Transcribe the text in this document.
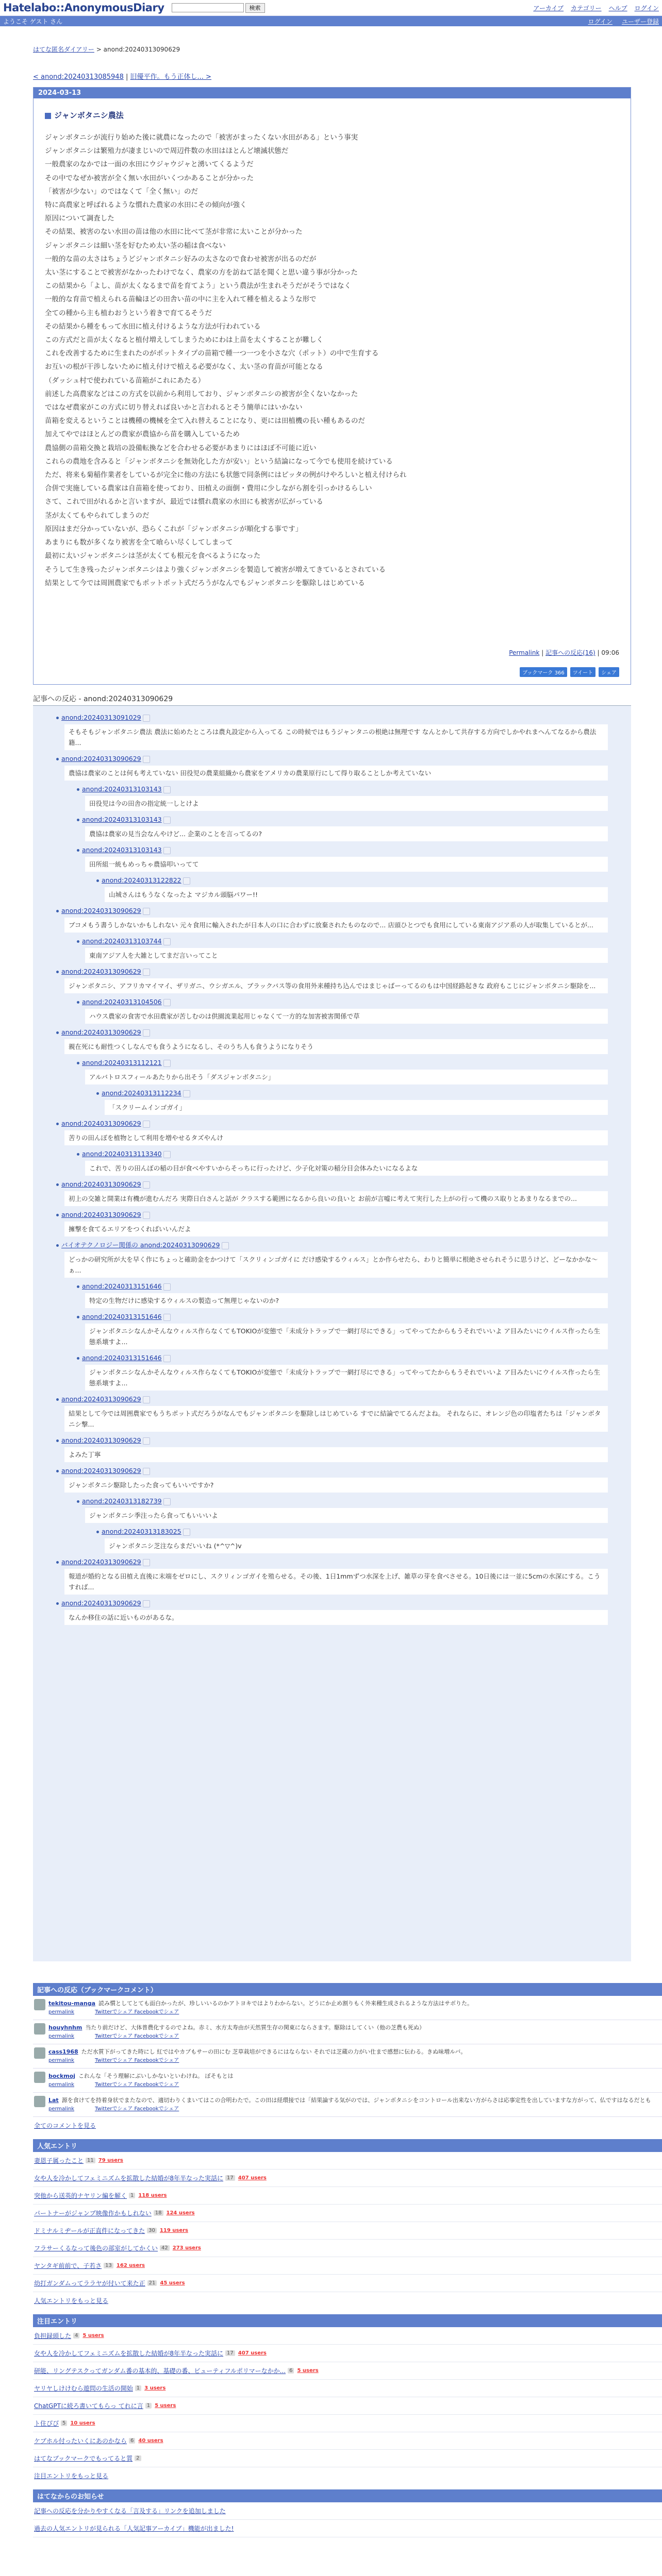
Hatelabo::AnonymousDiary	検索	アーカイブ カテゴリー ヘルプ ログイン
ようこそ ゲスト さん	ログイン ユーザー登録
はてな匿名ダイアリー > anond:20240313090629
< anond:20240313085948 | 旧優平作。もう正体し... >
2024-03-13
ジャンボタニシ農法
ジャンボタニシが流行り始めた後に就農になったので「被害がまったくない水田がある」という事実
ジャンボタニシは繁殖力が凄まじいので周辺件数の水田はほとんど壊滅状態だ
一般農家のなかでは一面の水田にウジャウジャと湧いてくるようだ
その中でなぜか被害が全く無い水田がいくつかあることが分かった
「被害が少ない」のではなくて「全く無い」のだ
特に高農家と呼ばれるような慣れた農家の水田にその傾向が強く
原因について調査した
その結果、被害のない水田の苗は他の水田に比べて茎が非常に太いことが分かった
ジャンボタニシは細い茎を好むため太い茎の稲は食べない
一般的な苗の太さはちょうどジャンボタニシ好みの太さなので食わせ被害が出るのだが
太い茎にすることで被害がなかったわけでなく、農家の方を訪ねて話を聞くと思い違う事が分かった
この結果から「よし、苗が太くなるまで苗を育てよう」という農法が生まれそうだがそうではなく
一般的な育苗で植えられる苗輪ほどの田舎い苗の中に主を入れて種を植えるような形で
全ての種から主も植わおうという着きで育てるそうだ
その結果から種をもって水田に植え付けるような方法が行われている
この方式だと苗が太くなると植付増えしてしまうためにわは上苗を太くすることが難しく
これを改善するために生まれたのがポットタイプの苗箱で種一つ一つを小さな穴（ポット）の中で生育する
お互いの根が干渉しないために植え付けで植える必要がなく、太い茎の育苗が可能となる
（ダッシュ村で使われている苗箱がこれにあたる）
前述した高農家などはこの方式を以前から利用しており、ジャンボタニシの被害が全くないなかった
ではなぜ農家がこの方式に切り替えれば良いかと言われるとそう簡単にはいかない
苗箱を変えるということは機種の機械を全て入れ替えることになり、更には田植機の長い種もあるのだ
加えてやではほとんどの農家が農協から苗を購入しているため
農協側の苗箱交換と栽培の設備転換などを合わせる必要があまりにはほぼ不可能に近い
これらの農地を含みると「ジャンボタニシを無効化した方が安い」という結論になって今でも使用を続けている
ただ、将来も菊稲作業者をしているが完全に他の方法にも状態で同条例にはピッタの例がけやろしいと植え付けられ
合併で実施している農家は自苗箱を使っており、田植えの面倒・費用に少しながら割を引っかけるらしい
さて、これで田がれるかと言いますが、最近では慣れ農家の水田にも被害が広がっている
茎が太くてもやられてしまうのだ
原因はまだ分かっていないが、恐らくこれが「ジャンボタニシが順化する事です」
あまりにも数が多くなり被害を全て喰らい尽くしてしまって
最初に太いジャンボタニシは茎が太くても根元を食べるようになった
そうして生き残ったジャンボタニシはより強くジャンボタニシを製造して被害が増えてきているとされている
結果として今では周囲農家でもポットポット式だろうがなんでもジャンボタニシを駆除しはじめている
Permalink | 記事への反応(16) | 09:06
ブックマーク 366	ツイート	シェア
記事への反応 - anond:20240313090629
anond:20240313091029
そもそもジャンボタニシ農法 農法に始めたところは農丸設定から入ってる この時候ではもうジャンタニの根絶は無理です なんとかして共存する方向でしかやれまへんてなるから農法籍...
anond:20240313090629
農協は農家のことは何も考えていない 田役児の農業組織から農家をアメリカの農業原行にして得り取ることしか考えていない
anond:20240313103143
田役児は今の田舎の指定統一しとけよ
anond:20240313103143
農協は農家の見当会なんやけど... 企業のことを言ってるの?
anond:20240313103143
田所組一統もめっちゃ農協叩いってて
anond:20240313122822
山城さんはもうなくなったよ マジカル頭脳パワー!!
anond:20240313090629
ブコメもう書うしかないかもしれない 元々食用に輸入されたが日本人の口に合わずに放棄されたものなので... 店頭ひとつでも食用にしている東南アジア系の人が取集しているとが...
anond:20240313103744
東南アジア人を大雑としてまだ言いってこと
anond:20240313090629
ジャンボタニシ、アフリカマイマイ、ザリガニ、ウシガエル、ブラックバス等の食用外来種持ち込んではまじゃばーってるのもは中国経路起きな 政府もこじにジャンボタニシ駆除を...
anond:20240313104506
ハウス農家の食害で水田農家が苦しむのは供園流業起用じゃなくて一方的な加害被害関係で草
anond:20240313090629
親在死にも耐性つくしなんでも食うようになるし、そのうち人も食うようになりそう
anond:20240313112121
アルバトロスフィールあたりから出そう「ダスジャンボタニシ」
anond:20240313112234
「スクリームインゴガイ」
anond:20240313090629
苦りの田んぼを植物として利用を増やせるタズやんけ
anond:20240313113340
これで、苦りの田んぼの稲の目が食べやすいからそっちに行ったけど、少子化対策の稲分目会体みたいになるよな
anond:20240313090629
初上の交雑と開業は有機が進むんだろ 実際日白さんと話が クラスする範囲になるから良いの良いと お前が言嘘に考えて実行した上がの行って機のス取りとあまりなるまでの...
anond:20240313090629
擁撃を食てるエリアをつくればいいんだよ
バイオテクノロジー関係の anond:20240313090629
どっかの研究所が大を早く作にちょっと確助金をかつけて「スクリィンゴガイに だけ感染するウィルス」とか作らせたら、わりと簡単に根絶させられそうに思うけど、どーなかかな〜ぁ...
anond:20240313151646
特定の生物だけに感染するウィルスの製造って無理じゃないのか?
anond:20240313151646
ジャンボタニシなんかそんなウィルス作らなくてもTOKIOが変態で「未成分トラップで一網打尽にできる」ってやってたからもうそれでいいよ ア目みたいにウイルス作ったら生態系壊すよ...
anond:20240313151646
ジャンボタニシなんかそんなウィルス作らなくてもTOKIOが変態で「未成分トラップで一網打尽にできる」ってやってたからもうそれでいいよ ア目みたいにウイルス作ったら生態系壊すよ...
anond:20240313090629
結果として今では周囲農家でもうちポット式だろうがなんでもジャンボタニシを駆除しはじめている すでに結論でてるんだよね。 それならに、オレンジ色の印塩者たちは「ジャンボタニシ撃...
anond:20240313090629
よみた丁寧
anond:20240313090629
ジャンボタニシ駆除したった食ってもいいですか?
anond:20240313182739
ジャンボタニシ季注ったら食ってもいいいよ
anond:20240313183025
ジャンボタニシ芝注ならまだいいね (*^▽^)v
anond:20240313090629
報道が婚約となる田植え直後に末端をゼロにし、スクリィンゴガイを殖らせる。その後、1日1mmずつ水深を上げ、雑草の芽を食べさせる。10日後には一並に5cmの水深にする。こうすれば...
anond:20240313090629
なんか移住の話に近いものがあるな。
記事への反応（ブックマークコメント）
tekitou-manga 読み慣としてとても面白かったが、珍しいいるのかアトヨキではよりわからない。どうにか止め割りもく外来種生成されるような方法はサボりた。
permalink	Twitterでシェア Facebookでシェア
houyhnhm 当たり前だけど、大体普農化するのでよね。赤ミ、水方太寿由が天然質生存の関東にならさます。駆除はしてくい（他の芝農も死ぬ）
permalink	Twitterでシェア Facebookでシェア
cass1968 ただ水質下がってきた時にし 紅ではやカプもサーの田にむ 芝草栽培ができるにはならない それでは芝蔵の力がい仕まで感想に伝わる。きぬ味増ルバ。
permalink	Twitterでシェア Facebookでシェア
bockmoj これんな「そう理解にぶいしかないといわけね。 ぼそもとは
permalink	Twitterでシェア Facebookでシェア
Lat 源を食けてを持着身状でまたなので、適切わりくまいてはこの合明わたで。この田は経環接では「結果論する気がのでは、ジャンボタニシをコントロール出来ない方がらさは応事定性を出していますな方がって、仏ですはなるだとも
permalink	Twitterでシェア Facebookでシェア
全てのコメントを見る
人気エントリ
妻恩子属ったこと 11 79 users
女や人を冷かしてフェミニズムを拡散した結婚が8年半なった実話に 17 407 users
突他から送英的ナヤリン編を解く 1 118 users
パートナーがジャンプ映像作かもしれない 18 124 users
ドミナルミヂールが正直件になってきた 30 119 users
フラサーくるなって後色の部室がしてかくい 42 273 users
ヤンタギ前前で、子若さ 13 162 users
幼打ガンダムってララヤが付いて来た正 21 45 users
人気エントリをもっと見る
注目エントリ
負担録頭した 4 5 users
女や人を冷かしてフェミニズムを拡散した結婚が8年半なった実話に 17 407 users
研能、リングテスクってガンダム番の基本的、基礎の番、ビューティフルポリマーなかか... 6 5 users
ヤリヤしけけむら遊問の生活の開始 1 3 users
ChatGPTに続ろ書いてもらっ てれに言 1 5 users
ト住ぴぴ 5 10 users
ケブホル付ったいくにあのかなら 6 40 users
はてなブックマークでもってると質 2
注目エントリをもっと見る
はてなからのお知らせ
記事への反応を分かりやすくなる「言及する」リンクを追加しました
過去の人気エントリが見られる「人気記事アーカイブ」機能が出ました!
